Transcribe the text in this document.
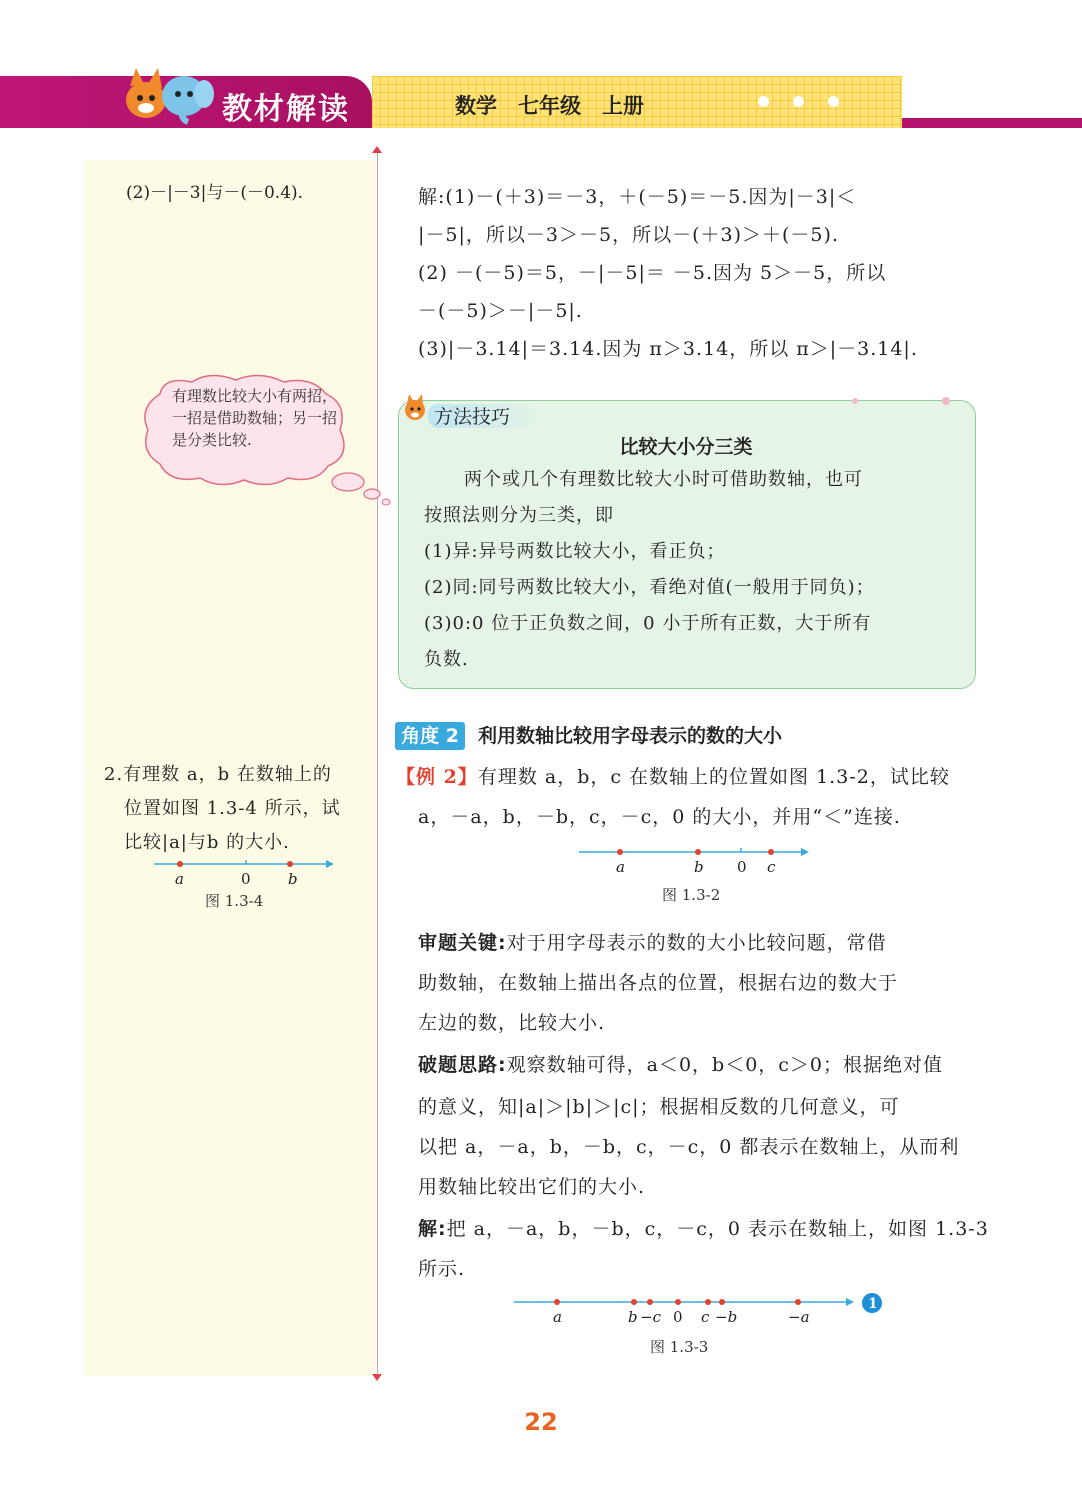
教材解读	数学　七年级　上册
(2)－|－3|与－(－0.4).
有理数比较大小有两招，一招是借助数轴；另一招是分类比较.
2.有理数 a，b 在数轴上的
位置如图 1.3-4 所示，试
比较|a|与b 的大小.
a	0 b
图 1.3-4
解:(1)－(＋3)＝－3，＋(－5)＝－5.因为|－3|＜
|－5|，所以－3＞－5，所以－(＋3)＞＋(－5).
(2) －(－5)＝5，－|－5|＝ －5.因为 5＞－5，所以
－(－5)＞－|－5|.
(3)|－3.14|＝3.14.因为 π＞3.14，所以 π＞|－3.14|.
方法技巧
比较大小分三类
两个或几个有理数比较大小时可借助数轴，也可
按照法则分为三类，即
(1)异:异号两数比较大小，看正负；
(2)同:同号两数比较大小，看绝对值(一般用于同负)；
(3)0:0 位于正负数之间，0 小于所有正数，大于所有
负数.
角度 2	利用数轴比较用字母表示的数的大小
【例 2】有理数 a，b，c 在数轴上的位置如图 1.3-2，试比较
a，－a，b，－b，c，－c，0 的大小，并用“＜”连接.
a	b 0 c
图 1.3-2
审题关键:对于用字母表示的数的大小比较问题，常借
助数轴，在数轴上描出各点的位置，根据右边的数大于
左边的数，比较大小.
破题思路:观察数轴可得，a＜0，b＜0，c＞0；根据绝对值
的意义，知|a|＞|b|＞|c|；根据相反数的几何意义，可
以把 a，－a，b，－b，c，－c，0 都表示在数轴上，从而利
用数轴比较出它们的大小.
解:把 a，－a，b，－b，c，－c，0 表示在数轴上，如图 1.3-3
所示.
a	b −c 0 c −b	−a
1
图 1.3-3
22
